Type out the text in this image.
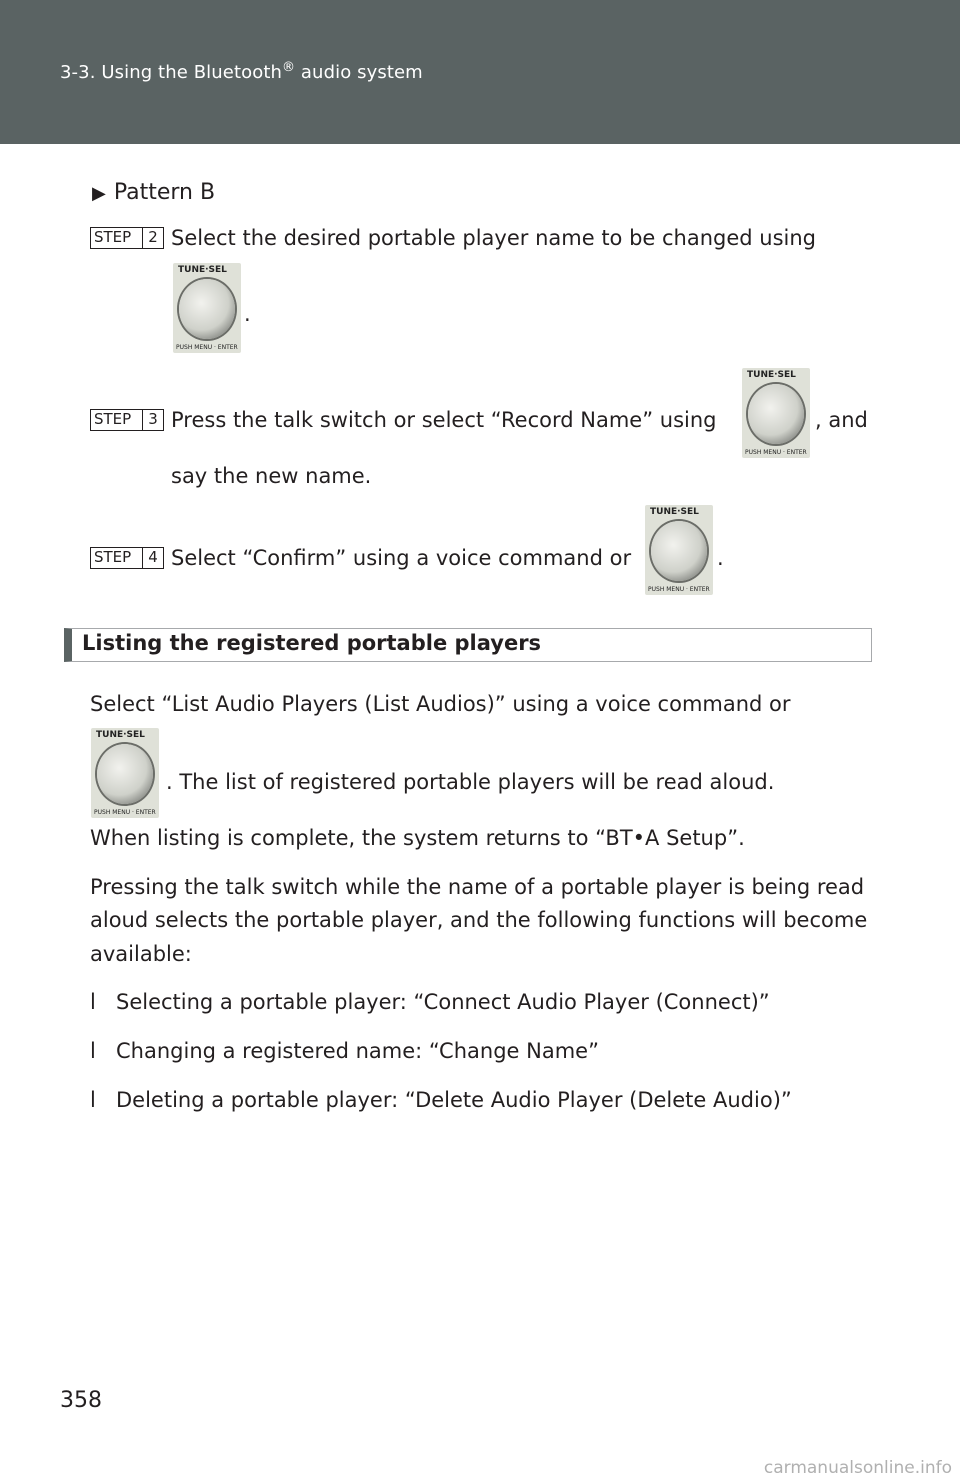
3-3. Using the Bluetooth® audio system
▶ Pattern B
STEP	2 Select the desired portable player name to be changed using
TUNE·SEL
PUSH MENU · ENTER
.
STEP	3 Press the talk switch or select “Record Name” using
TUNE·SEL
PUSH MENU · ENTER
, and
say the new name.
STEP	4 Select “Confirm” using a voice command or
TUNE·SEL
PUSH MENU · ENTER
.
Listing the registered portable players
Select “List Audio Players (List Audios)” using a voice command or
TUNE·SEL
PUSH MENU · ENTER
. The list of registered portable players will be read aloud.
When listing is complete, the system returns to “BT•A Setup”.
Pressing the talk switch while the name of a portable player is being read
aloud selects the portable player, and the following functions will become
available:
l Selecting a portable player: “Connect Audio Player (Connect)”
l Changing a registered name: “Change Name”
l Deleting a portable player: “Delete Audio Player (Delete Audio)”
358
carmanualsonline.info
